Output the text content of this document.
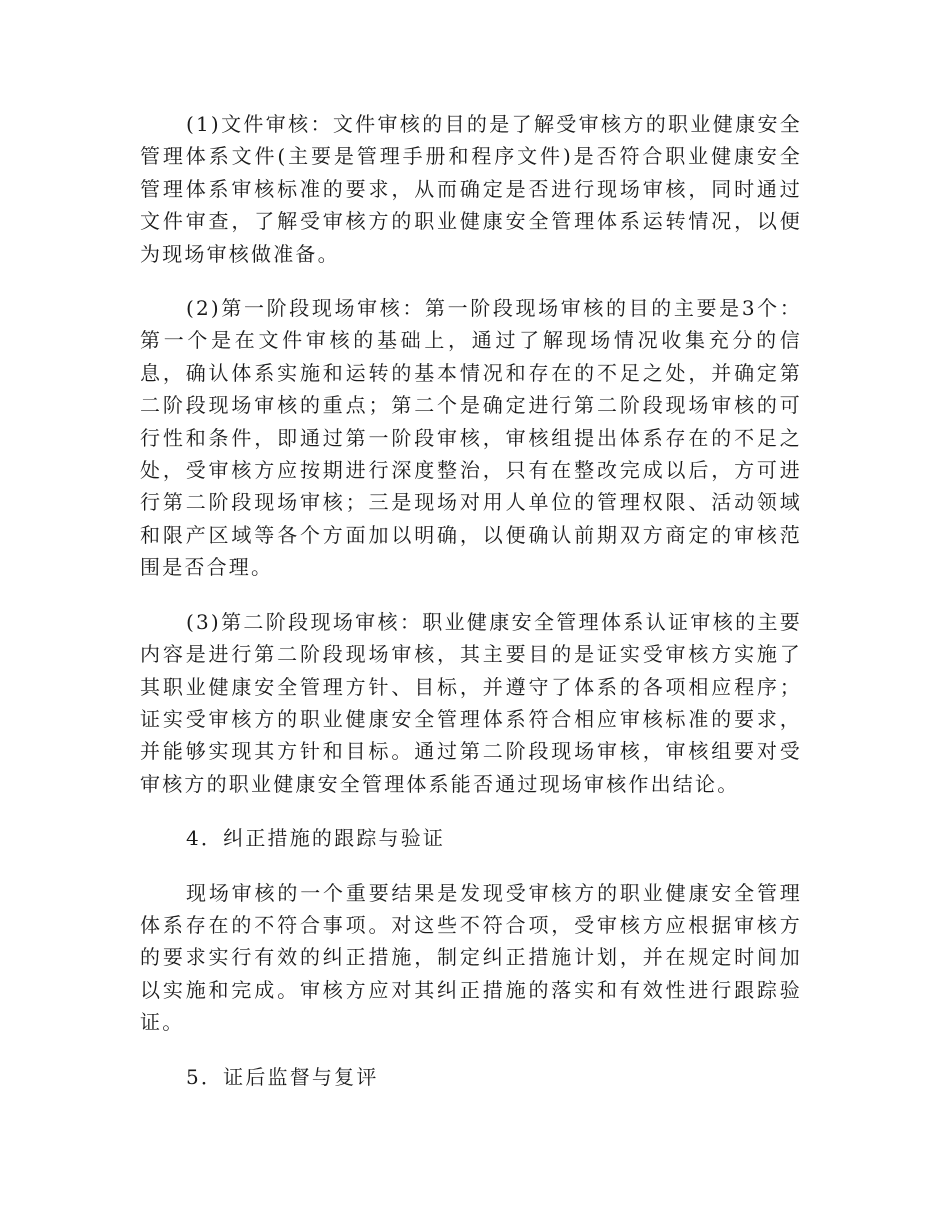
(1)文件审核：文件审核的目的是了解受审核方的职业健康安全管理体系文件(主要是管理手册和程序文件)是否符合职业健康安全管理体系审核标准的要求，从而确定是否进行现场审核，同时通过文件审查，了解受审核方的职业健康安全管理体系运转情况，以便为现场审核做准备。

(2)第一阶段现场审核：第一阶段现场审核的目的主要是3个：第一个是在文件审核的基础上，通过了解现场情况收集充分的信息，确认体系实施和运转的基本情况和存在的不足之处，并确定第二阶段现场审核的重点；第二个是确定进行第二阶段现场审核的可行性和条件，即通过第一阶段审核，审核组提出体系存在的不足之处，受审核方应按期进行深度整治，只有在整改完成以后，方可进行第二阶段现场审核；三是现场对用人单位的管理权限、活动领域和限产区域等各个方面加以明确，以便确认前期双方商定的审核范围是否合理。

(3)第二阶段现场审核：职业健康安全管理体系认证审核的主要内容是进行第二阶段现场审核，其主要目的是证实受审核方实施了其职业健康安全管理方针、目标，并遵守了体系的各项相应程序；证实受审核方的职业健康安全管理体系符合相应审核标准的要求，并能够实现其方针和目标。通过第二阶段现场审核，审核组要对受审核方的职业健康安全管理体系能否通过现场审核作出结论。

4．纠正措施的跟踪与验证

现场审核的一个重要结果是发现受审核方的职业健康安全管理体系存在的不符合事项。对这些不符合项，受审核方应根据审核方的要求实行有效的纠正措施，制定纠正措施计划，并在规定时间加以实施和完成。审核方应对其纠正措施的落实和有效性进行跟踪验证。

5．证后监督与复评
